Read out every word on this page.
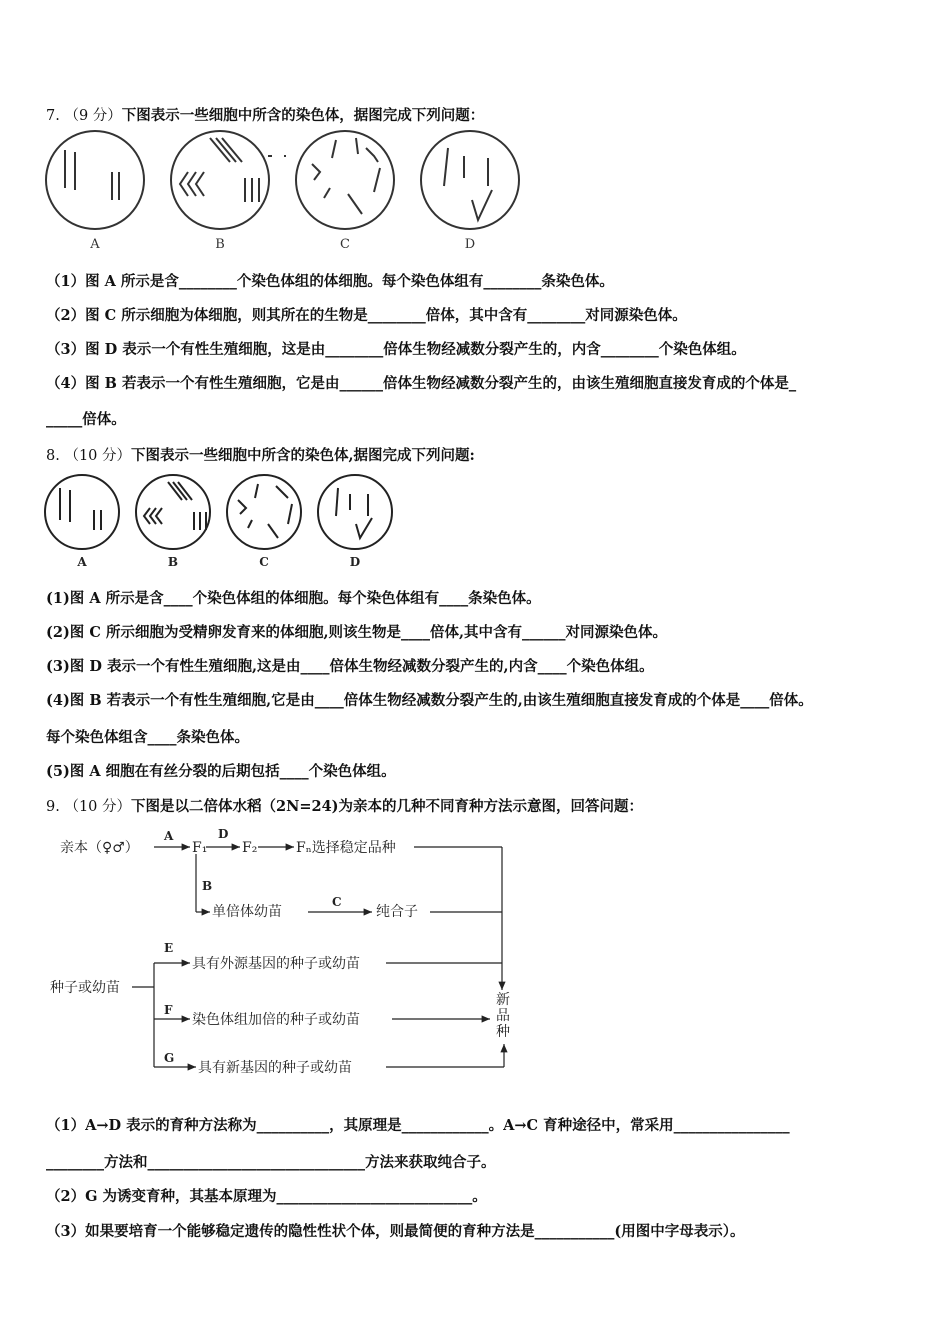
7. （9 分）下图表示一些细胞中所含的染色体，据图完成下列问题：
A	B	C	D
（1）图 A 所示是含________个染色体组的体细胞。每个染色体组有________条染色体。
（2）图 C 所示细胞为体细胞，则其所在的生物是________倍体，其中含有________对同源染色体。
（3）图 D 表示一个有性生殖细胞，这是由________倍体生物经减数分裂产生的，内含________个染色体组。
（4）图 B 若表示一个有性生殖细胞，它是由______倍体生物经减数分裂产生的，由该生殖细胞直接发育成的个体是_
_____倍体。
8. （10 分）下图表示一些细胞中所含的染色体,据图完成下列问题:
A	B	C	D
(1)图 A 所示是含____个染色体组的体细胞。每个染色体组有____条染色体。
(2)图 C 所示细胞为受精卵发育来的体细胞,则该生物是____倍体,其中含有______对同源染色体。
(3)图 D 表示一个有性生殖细胞,这是由____倍体生物经减数分裂产生的,内含____个染色体组。
(4)图 B 若表示一个有性生殖细胞,它是由____倍体生物经减数分裂产生的,由该生殖细胞直接发育成的个体是____倍体。
每个染色体组含____条染色体。
(5)图 A 细胞在有丝分裂的后期包括____个染色体组。
9. （10 分）下图是以二倍体水稻（2N=24)为亲本的几种不同育种方法示意图，回答问题：
亲本（♀♂）	F₁ F₂	Fₙ选择稳定品种
单倍体幼苗	纯合子
种子或幼苗
具有外源基因的种子或幼苗
染色体组加倍的种子或幼苗
具有新基因的种子或幼苗
新
品
种
A	D
B
C
E
F
G
（1）A→D 表示的育种方法称为__________，其原理是____________。A→C 育种途径中，常采用________________
________方法和______________________________方法来获取纯合子。
（2）G 为诱变育种，其基本原理为___________________________。
（3）如果要培育一个能够稳定遗传的隐性性状个体，则最简便的育种方法是___________(用图中字母表示）。
